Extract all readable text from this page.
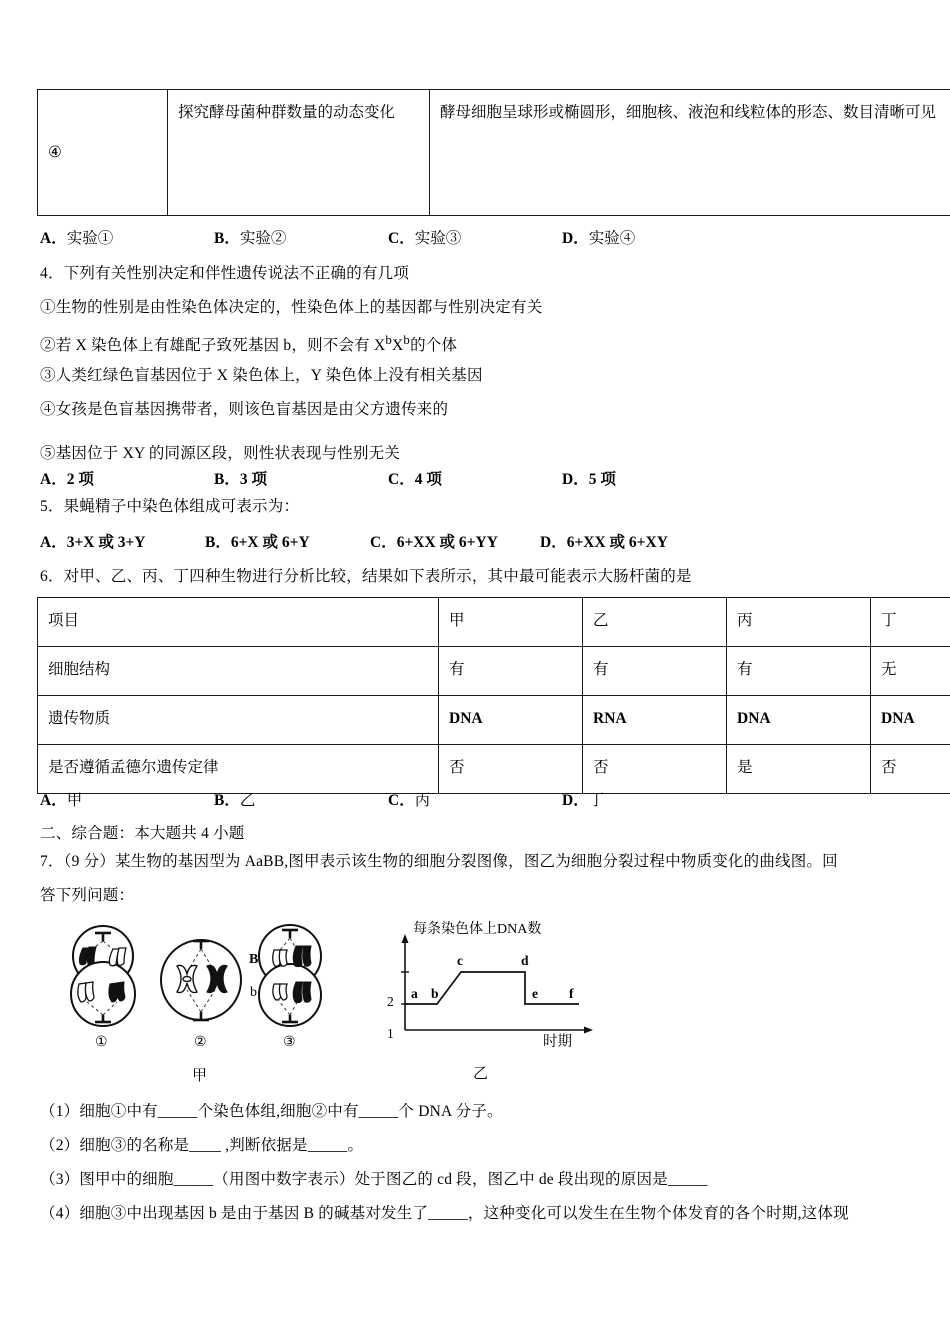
④	探究酵母菌种群数量的动态变化	酵母细胞呈球形或椭圆形，细胞核、液泡和线粒体的形态、数目清晰可见
A．实验①	B．实验②	C．实验③	D．实验④
4．下列有关性别决定和伴性遗传说法不正确的有几项
①生物的性别是由性染色体决定的，性染色体上的基因都与性别决定有关
②若 X 染色体上有雄配子致死基因 b，则不会有 $X^bX^b$的个体
③人类红绿色盲基因位于 X 染色体上，Y 染色体上没有相关基因
④女孩是色盲基因携带者，则该色盲基因是由父方遗传来的
⑤基因位于 XY 的同源区段，则性状表现与性别无关
A．2 项	B．3 项	C．4 项	D．5 项
5．果蝇精子中染色体组成可表示为：
A．3+X 或 3+Y	B．6+X 或 6+Y	C．6+XX 或 6+YY	D．6+XX 或 6+XY
6．对甲、乙、丙、丁四种生物进行分析比较，结果如下表所示，其中最可能表示大肠杆菌的是
项目	甲	乙	丙	丁
细胞结构	有	有	有	无
遗传物质	DNA	RNA	DNA	DNA
是否遵循孟德尔遗传定律	否	否	是	否
A．甲	B．乙	C．丙	D．丁
二、综合题：本大题共 4 小题
7．（9 分）某生物的基因型为 AaBB,图甲表示该生物的细胞分裂图像，图乙为细胞分裂过程中物质变化的曲线图。回
答下列问题：
①	②
B
b
③
甲
2
1
a b
c	d
e f
每条染色体上DNA数
时期
乙
（1）细胞①中有_____个染色体组,细胞②中有_____个 DNA 分子。
（2）细胞③的名称是____ ,判断依据是_____。
（3）图甲中的细胞_____（用图中数字表示）处于图乙的 cd 段，图乙中 de 段出现的原因是_____
（4）细胞③中出现基因 b 是由于基因 B 的碱基对发生了_____，这种变化可以发生在生物个体发育的各个时期,这体现
